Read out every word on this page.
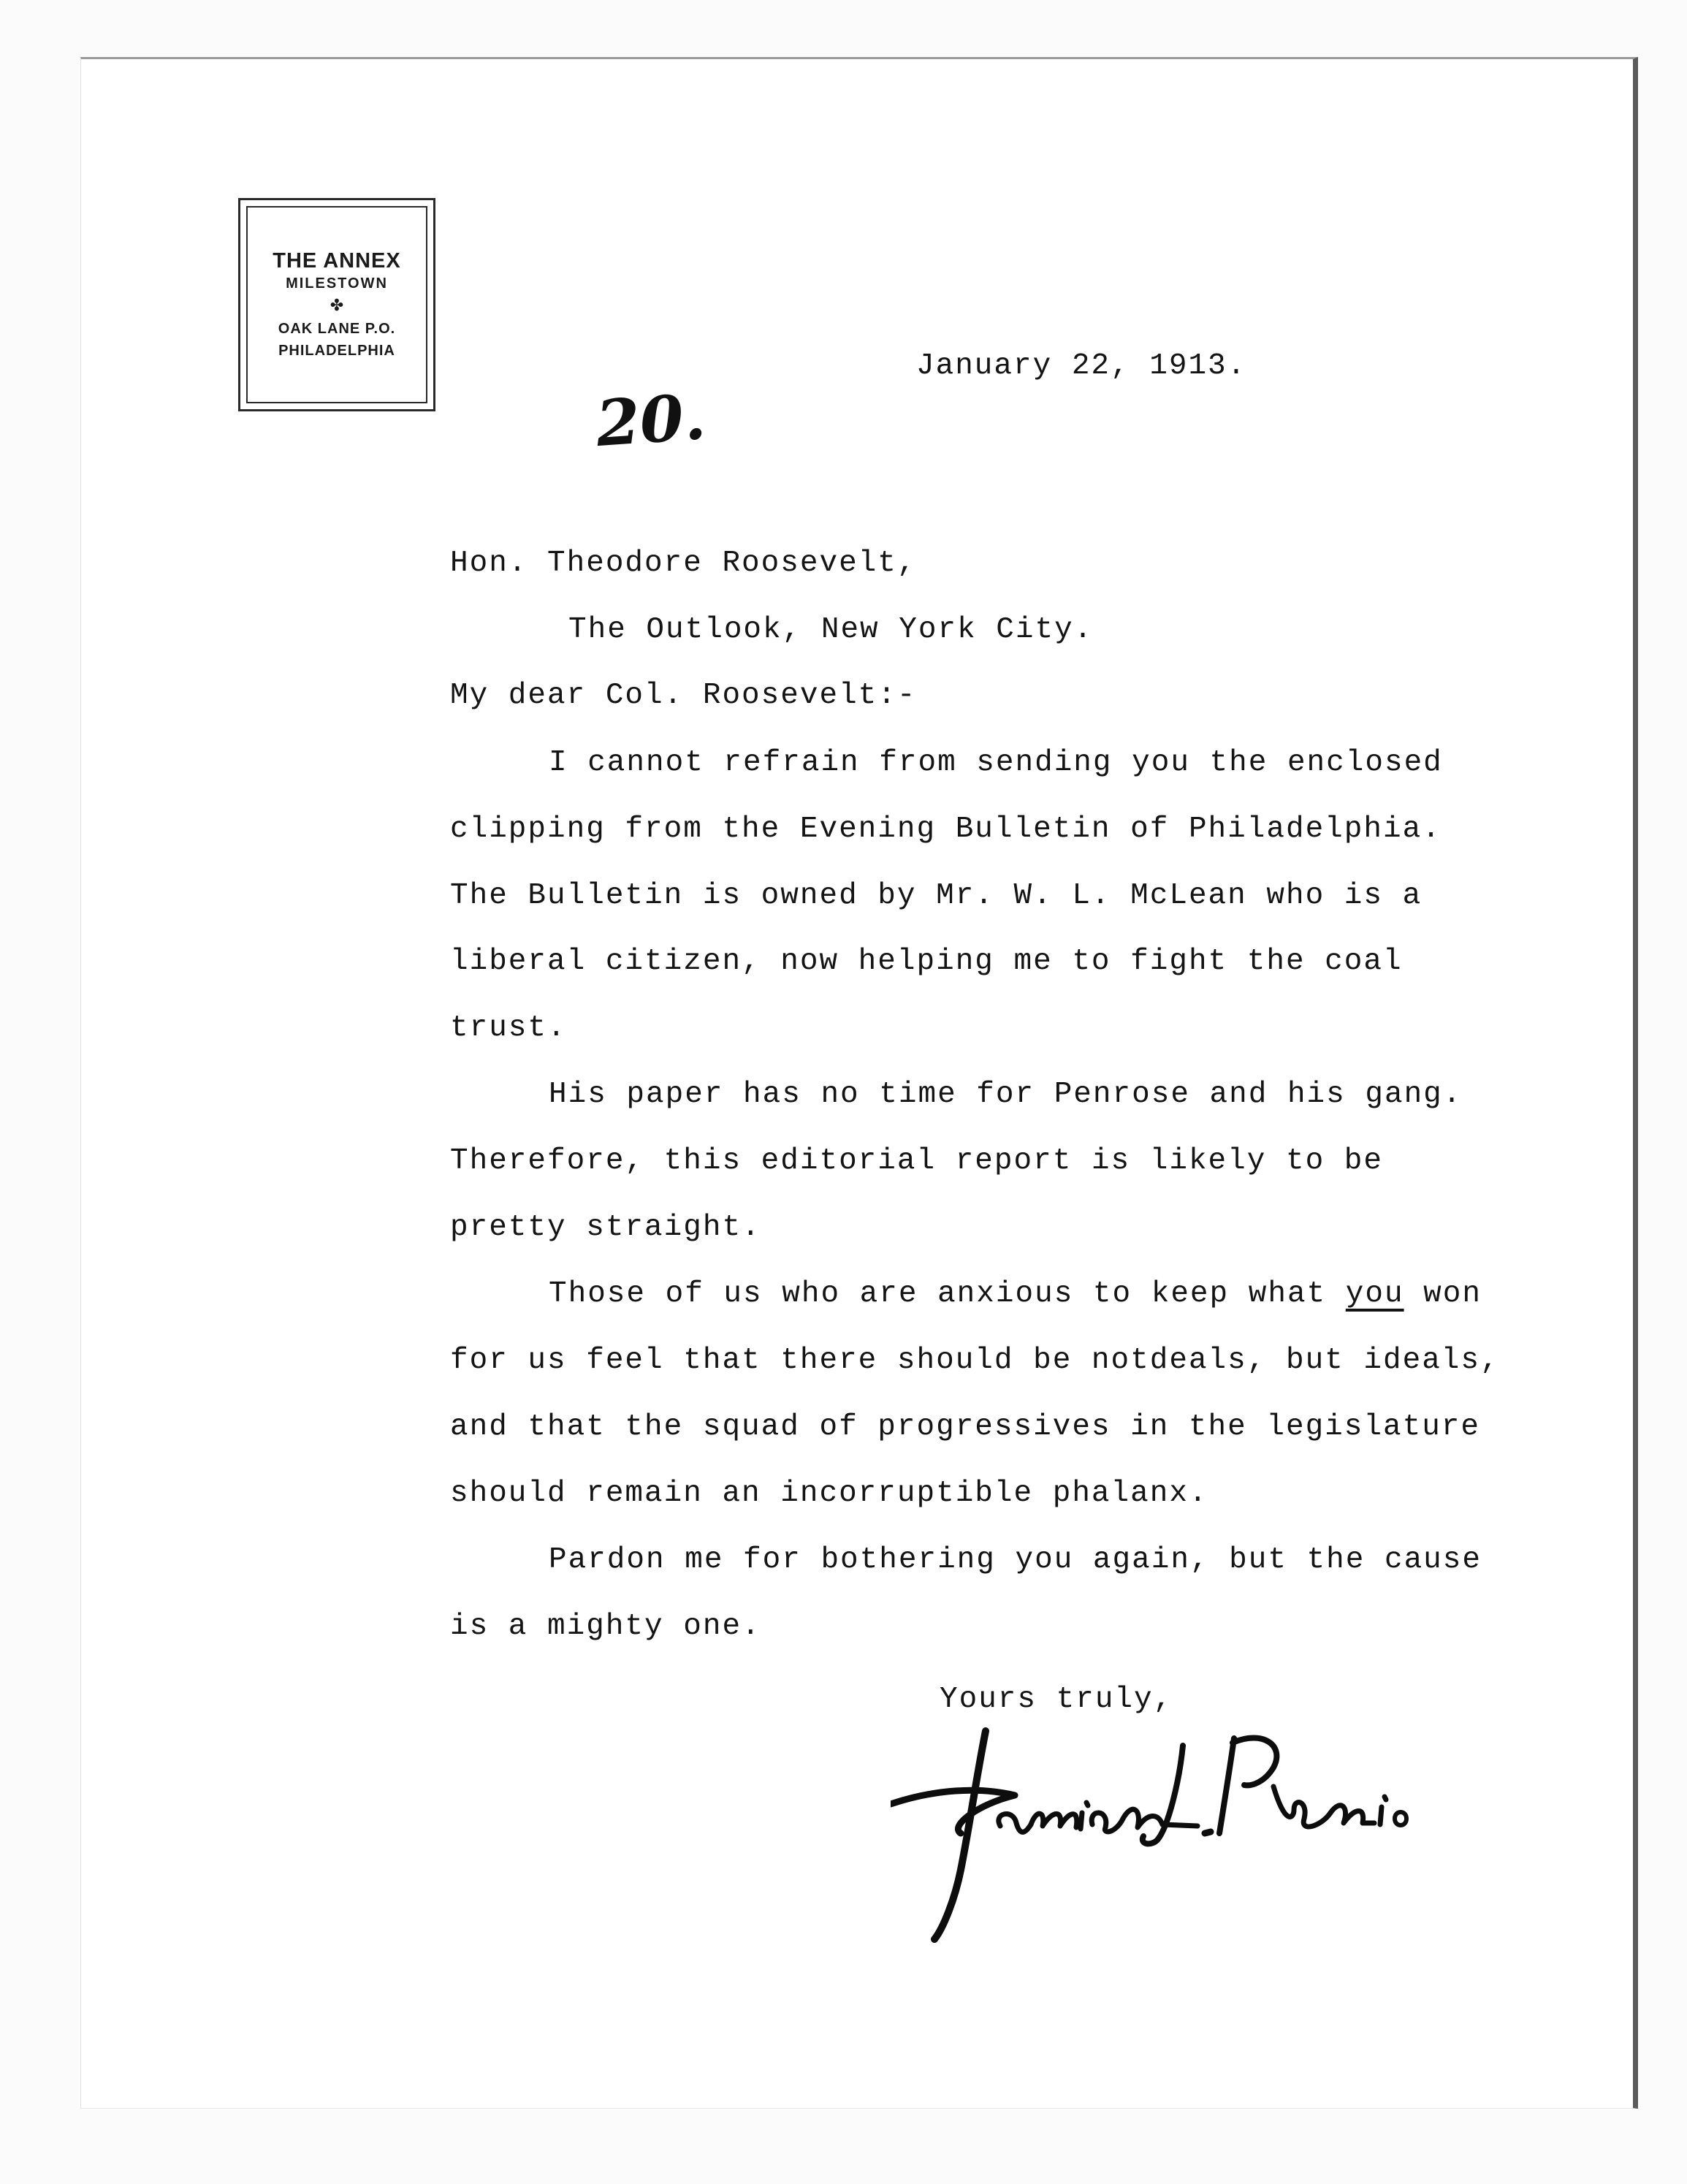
THE ANNEX
MILESTOWN
✤
OAK LANE P.O.
PHILADELPHIA	January 22, 1913.
20.
Hon. Theodore Roosevelt,
The Outlook, New York City.
My dear Col. Roosevelt:-
I cannot refrain from sending you the enclosed
clipping from the Evening Bulletin of Philadelphia.
The Bulletin is owned by Mr. W. L. McLean who is a
liberal citizen, now helping me to fight the coal
trust.
His paper has no time for Penrose and his gang.
Therefore, this editorial report is likely to be
pretty straight.
Those of us who are anxious to keep what you won
for us feel that there should be notdeals, but ideals,
and that the squad of progressives in the legislature
should remain an incorruptible phalanx.
Pardon me for bothering you again, but the cause
is a mighty one.
Yours truly,
